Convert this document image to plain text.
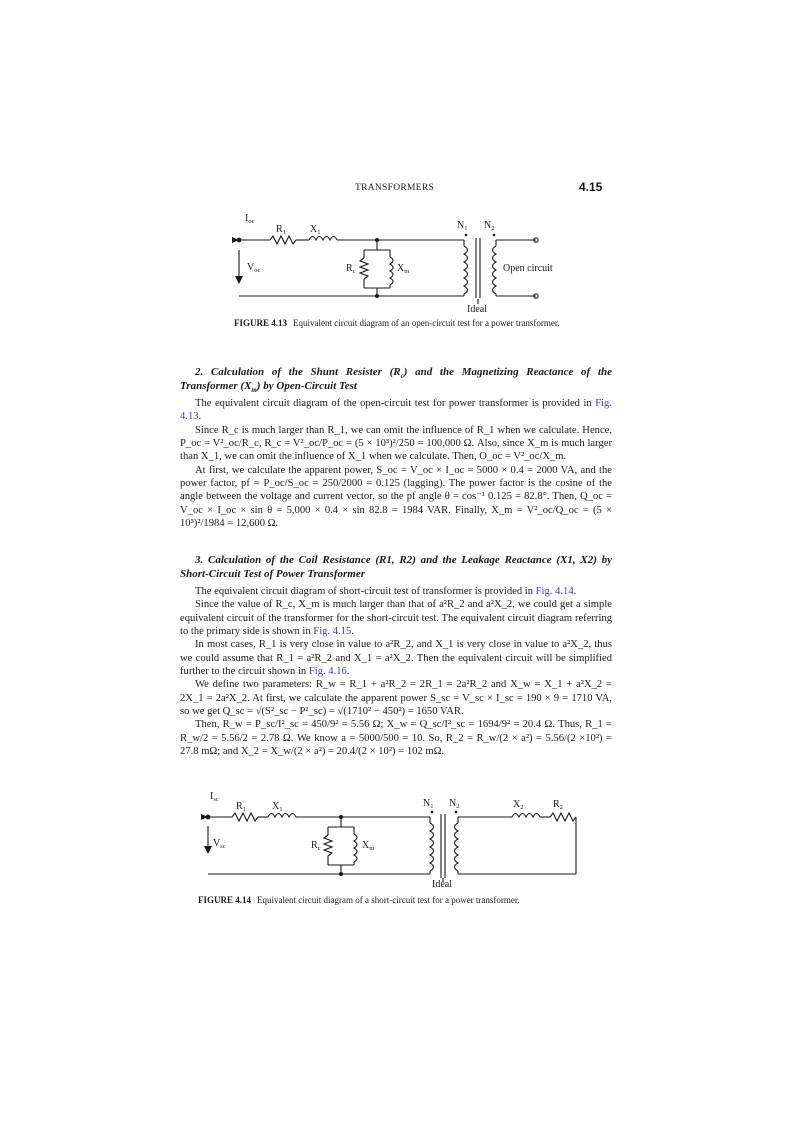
TRANSFORMERS	4.15
$I_{oc}$
$R_1$ $X_1$
$N_1$ $N_2$
$V_{oc}$	$R_c$	$X_m$	Open circuit
Ideal
FIGURE 4.13 Equivalent circuit diagram of an open-circuit test for a power transformer.
2. Calculation of the Shunt Resister $(R_c)$ and the Magnetizing Reactance of the Transformer $(X_m)$ by Open-Circuit Test

The equivalent circuit diagram of the open-circuit test for power transformer is provided in Fig. 4.13.

Since R_c is much larger than R_1, we can omit the influence of R_1 when we calculate. Hence, P_oc = V²_oc/R_c, R_c = V²_oc/P_oc = (5 × 10³)²/250 = 100,000 Ω. Also, since X_m is much larger than X_1, we can omit the influence of X_1 when we calculate. Then, O_oc = V²_oc/X_m.

At first, we calculate the apparent power, S_oc = V_oc × I_oc = 5000 × 0.4 = 2000 VA, and the power factor, pf = P_oc/S_oc = 250/2000 = 0.125 (lagging). The power factor is the cosine of the angle between the voltage and current vector, so the pf angle θ = cos⁻¹ 0.125 = 82.8°. Then, Q_oc = V_oc × I_oc × sin θ = 5,000 × 0.4 × sin 82.8 = 1984 VAR. Finally, X_m = V²_oc/Q_oc = (5 × 10³)²/1984 = 12,600 Ω.

3. Calculation of the Coil Resistance (R1, R2) and the Leakage Reactance (X1, X2) by Short-Circuit Test of Power Transformer

The equivalent circuit diagram of short-circuit test of transformer is provided in Fig. 4.14.

Since the value of R_c, X_m is much larger than that of a²R_2 and a²X_2, we could get a simple equivalent circuit of the transformer for the short-circuit test. The equivalent circuit diagram referring to the primary side is shown in Fig. 4.15.

In most cases, R_1 is very close in value to a²R_2, and X_1 is very close in value to a²X_2, thus we could assume that R_1 = a²R_2 and X_1 = a²X_2. Then the equivalent circuit will be simplified further to the circuit shown in Fig. 4.16.

We define two parameters: R_w = R_1 + a²R_2 = 2R_1 = 2a²R_2 and X_w = X_1 + a²X_2 = 2X_1 = 2a²X_2. At first, we calculate the apparent power S_sc = V_sc × I_sc = 190 × 9 = 1710 VA, so we get Q_sc = √(S²_sc − P²_sc) = √(1710² − 450²) = 1650 VAR.

Then, R_w = P_sc/I²_sc = 450/9² = 5.56 Ω; X_w = Q_sc/I²_sc = 1694/9² = 20.4 Ω. Thus, R_1 = R_w/2 = 5.56/2 = 2.78 Ω. We know a = 5000/500 = 10. So, R_2 = R_w/(2 × a²) = 5.56/(2 ×10²) = 27.8 mΩ; and X_2 = X_w/(2 × a²) = 20.4/(2 × 10²) = 102 mΩ.

$I_{sc}$
$R_1$	$X_1$
$N_1$ $N_2$	$X_2$	$R_2$
$V_{sc}$	$R_c$	$X_m$
Ideal
FIGURE 4.14 Equivalent circuit diagram of a short-circuit test for a power transformer.
